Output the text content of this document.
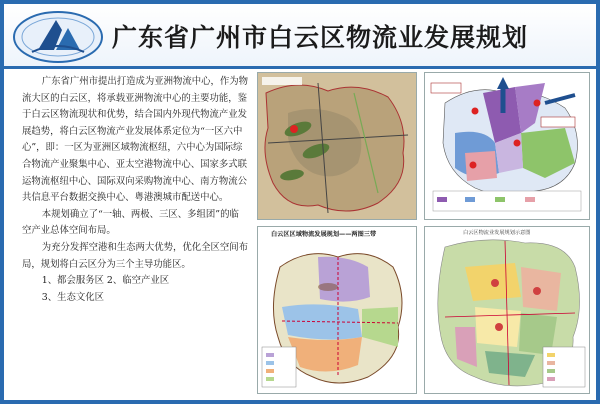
广东省广州市白云区物流业发展规划

广东省广州市提出打造成为亚洲物流中心，作为物流大区的白云区，将承载亚洲物流中心的主要功能，鉴于白云区物流现状和优势，结合国内外现代物流产业发展趋势，将白云区物流产业发展体系定位为“一区六中心”，即：一区为亚洲区域物流枢纽，六中心为国际综合物流产业聚集中心、亚太空港物流中心、国家多式联运物流枢纽中心、国际双向采购物流中心、南方物流公共信息平台数据交换中心、粤港澳城市配送中心。

本规划确立了“一轴、两极、三区、多组团”的临空产业总体空间布局。

为充分发挥空港和生态两大优势，优化全区空间布局，规划将白云区分为三个主导功能区。

1、都会服务区 2、临空产业区

3、生态文化区

白云区区域物流发展规划——两图三带	白云区物流业发展规划示意图
